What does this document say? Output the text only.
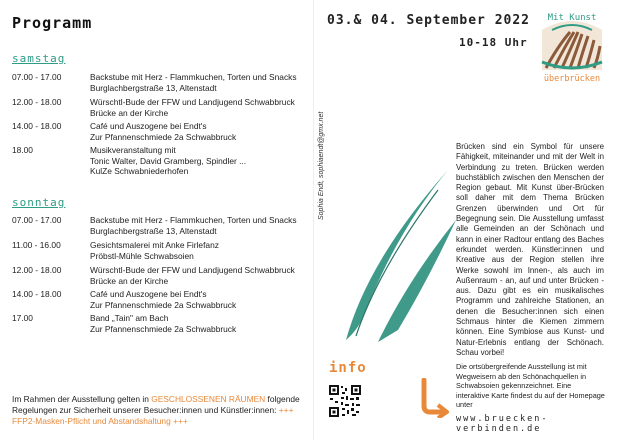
Programm
samstag
07.00 - 17.00	Backstube mit Herz - Flammkuchen, Torten und Snacks
Burglachbergstraße 13, Altenstadt
12.00 - 18.00	Würschtl-Bude der FFW und Landjugend Schwabbruck
Brücke an der Kirche
14.00 - 18.00	Café und Auszogene bei Endt's
Zur Pfannenschmiede 2a Schwabbruck
18.00	Musikveranstaltung mit
Tonic Walter, David Gramberg, Spindler ...
KulZe Schwabniederhofen
sonntag
07.00 - 17.00	Backstube mit Herz - Flammkuchen, Torten und Snacks
Burglachbergstraße 13, Altenstadt
11.00 - 16.00	Gesichtsmalerei mit Anke Firlefanz
Pröbstl-Mühle Schwabsoien
12.00 - 18.00	Würschtl-Bude der FFW und Landjugend Schwabbruck
Brücke an der Kirche
14.00 - 18.00	Café und Auszogene bei Endt's
Zur Pfannenschmiede 2a Schwabbruck
17.00	Band „Tain" am Bach
Zur Pfannenschmiede 2a Schwabbruck
Im Rahmen der Ausstellung gelten in GESCHLOSSENEN RÄUMEN folgende Regelungen zur Sicherheit unserer Besucher:innen und Künstler:innen: +++ FFP2-Masken-Pflicht und Abstandshaltung +++
03.& 04. September 2022
10-18 Uhr
Mit Kunst
überbrücken
Brücken sind ein Symbol für unsere Fähigkeit, miteinander und mit der Welt in Verbindung zu treten. Brücken werden buchstäblich zwischen den Menschen der Region gebaut. Mit Kunst über-Brücken soll daher mit dem Thema Brücken Grenzen überwinden und Ort für Begegnung sein. Die Ausstellung umfasst alle Gemeinden an der Schönach und kann in einer Radtour entlang des Baches erkundet werden. Künstler:innen und Kreative aus der Region stellen ihre Werke sowohl im Innen-, als auch im Außenraum - an, auf und unter Brücken - aus. Dazu gibt es ein musikalisches Programm und zahlreiche Stationen, an denen die Besucher:innen sich einen Schmaus hinter die Kiemen zimmern können. Eine Symbiose aus Kunst- und Natur-Erlebnis entlang der Schönach. Schau vorbei!
Sophia Endt, sophiaendt@gmx.net
info	Die ortsübergreifende Ausstellung ist mit Wegweisern ab den Schönachquellen in Schwabsoien gekennzeichnet. Eine interaktive Karte findest du auf der Homepage unter
www.bruecken-verbinden.de
